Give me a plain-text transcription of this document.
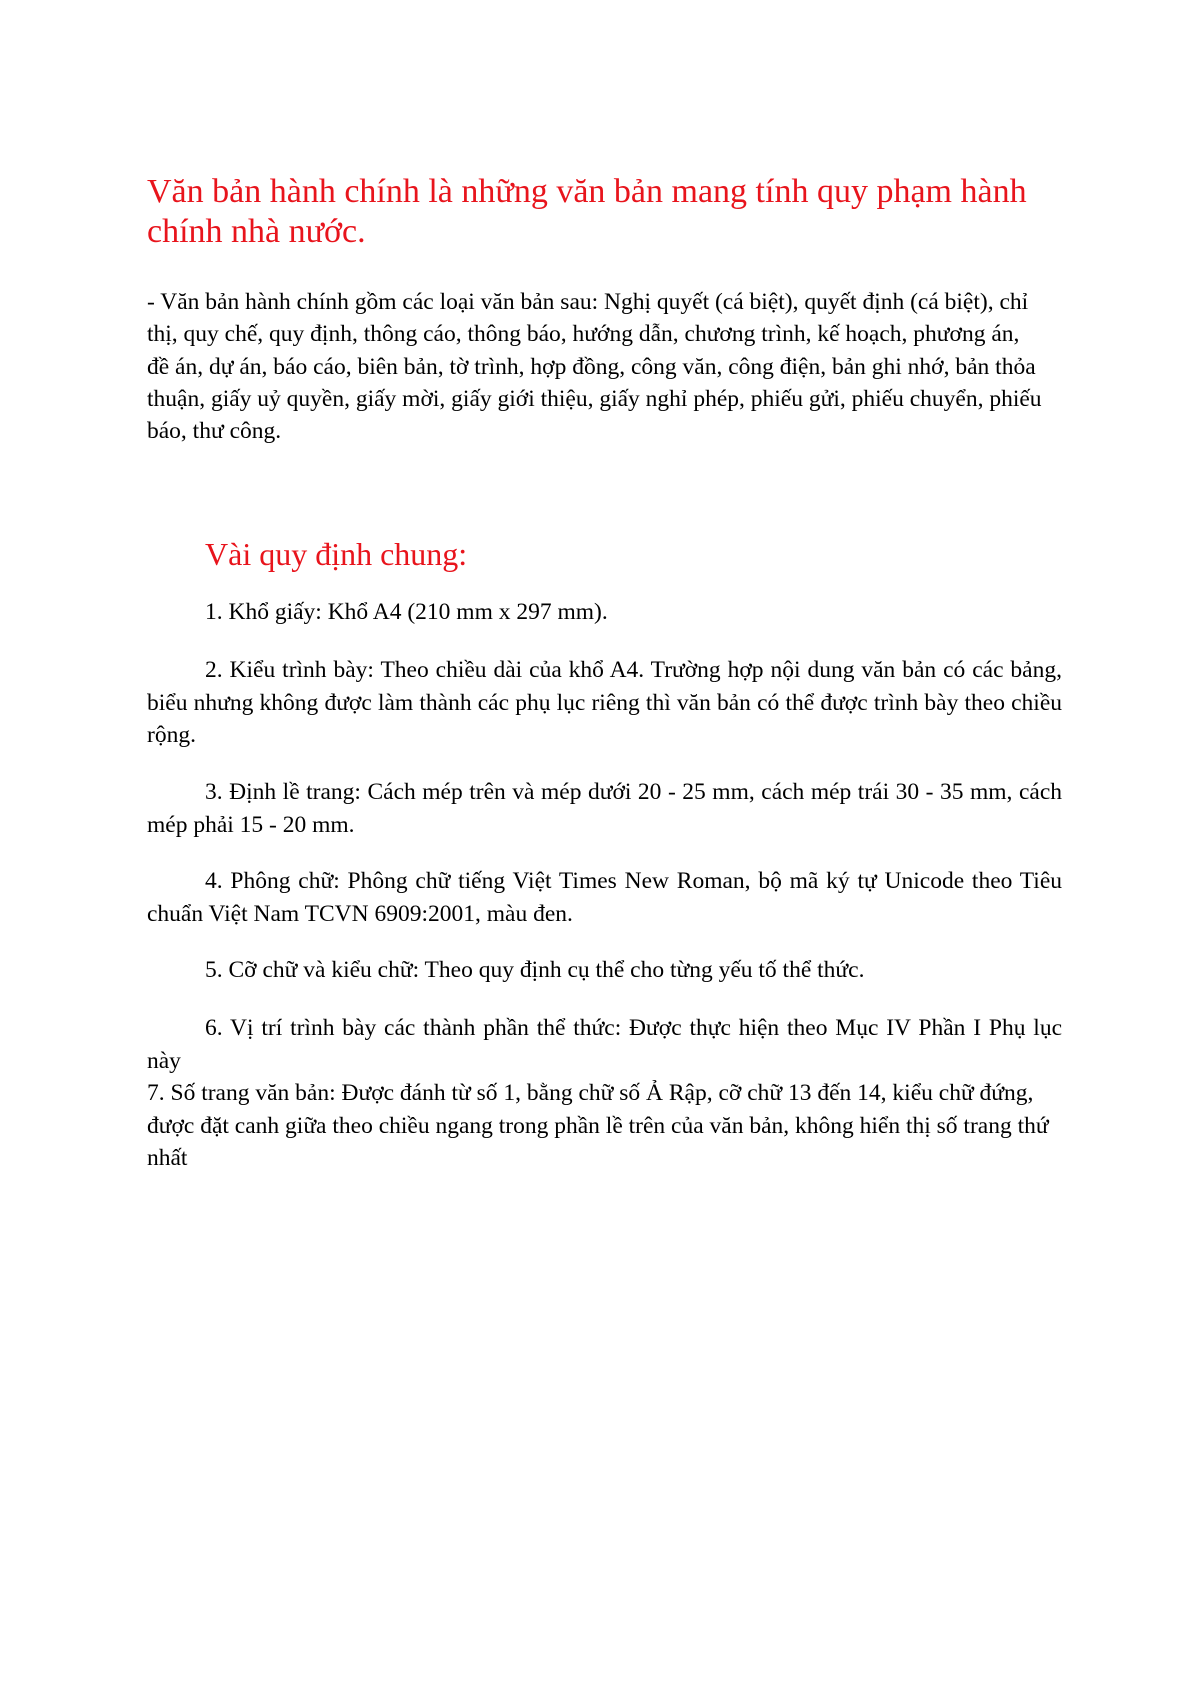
Văn bản hành chính là những văn bản mang tính quy phạm hành chính nhà nước.

- Văn bản hành chính gồm các loại văn bản sau: Nghị quyết (cá biệt), quyết định (cá biệt), chỉ thị, quy chế, quy định, thông cáo, thông báo, hướng dẫn, chương trình, kế hoạch, phương án, đề án, dự án, báo cáo, biên bản, tờ trình, hợp đồng, công văn, công điện, bản ghi nhớ, bản thỏa thuận, giấy uỷ quyền, giấy mời, giấy giới thiệu, giấy nghỉ phép, phiếu gửi, phiếu chuyển, phiếu báo, thư công.

Vài quy định chung:

1. Khổ giấy: Khổ A4 (210 mm x 297 mm).

2. Kiểu trình bày: Theo chiều dài của khổ A4. Trường hợp nội dung văn bản có các bảng, biểu nhưng không được làm thành các phụ lục riêng thì văn bản có thể được trình bày theo chiều rộng.

3. Định lề trang: Cách mép trên và mép dưới 20 - 25 mm, cách mép trái 30 - 35 mm, cách mép phải 15 - 20 mm.

4. Phông chữ: Phông chữ tiếng Việt Times New Roman, bộ mã ký tự Unicode theo Tiêu chuẩn Việt Nam TCVN 6909:2001, màu đen.

5. Cỡ chữ và kiểu chữ: Theo quy định cụ thể cho từng yếu tố thể thức.

6. Vị trí trình bày các thành phần thể thức: Được thực hiện theo Mục IV Phần I Phụ lục này

7. Số trang văn bản: Được đánh từ số 1, bằng chữ số Ả Rập, cỡ chữ 13 đến 14, kiểu chữ đứng, được đặt canh giữa theo chiều ngang trong phần lề trên của văn bản, không hiển thị số trang thứ nhất
